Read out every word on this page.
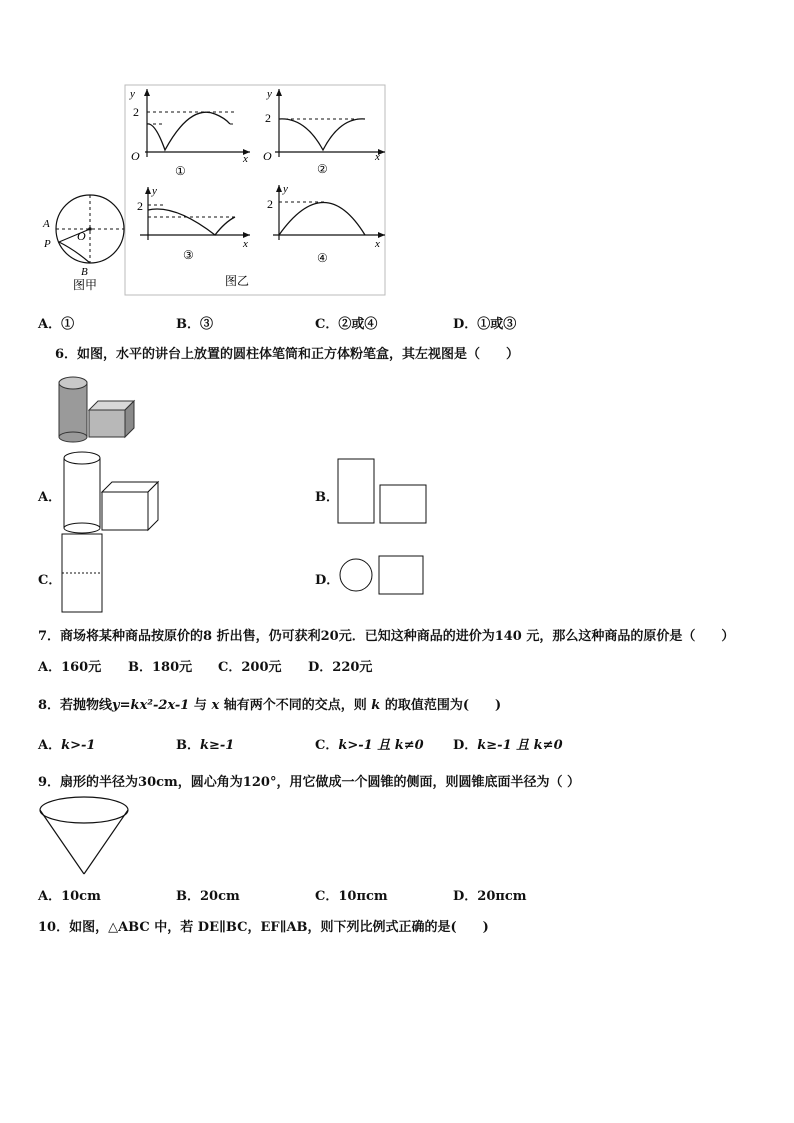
y
2
O	x
①
y
2
O	x
②
A
P
O
B
图甲
y
2
x
③
图乙
y
2
x
④
A．①	B．③	C．②或④	D．①或③
6．如图，水平的讲台上放置的圆柱体笔筒和正方体粉笔盒，其左视图是（　　）
A．	B．
C．	D．
7．商场将某种商品按原价的8 折出售，仍可获利20元．已知这种商品的进价为140 元，那么这种商品的原价是（　　）
A．160元 B．180元 C．200元 D．220元
8．若抛物线y=kx²-2x-1 与 x 轴有两个不同的交点，则 k 的取值范围为(　　)
A．k>-1	B．k≥-1	C．k>-1 且 k≠0 D．k≥-1 且 k≠0
9．扇形的半径为30cm，圆心角为120°，用它做成一个圆锥的侧面，则圆锥底面半径为（ ）
A．10cm	B．20cm	C．10πcm	D．20πcm
10．如图，△ABC 中，若 DE∥BC，EF∥AB，则下列比例式正确的是(　　)
